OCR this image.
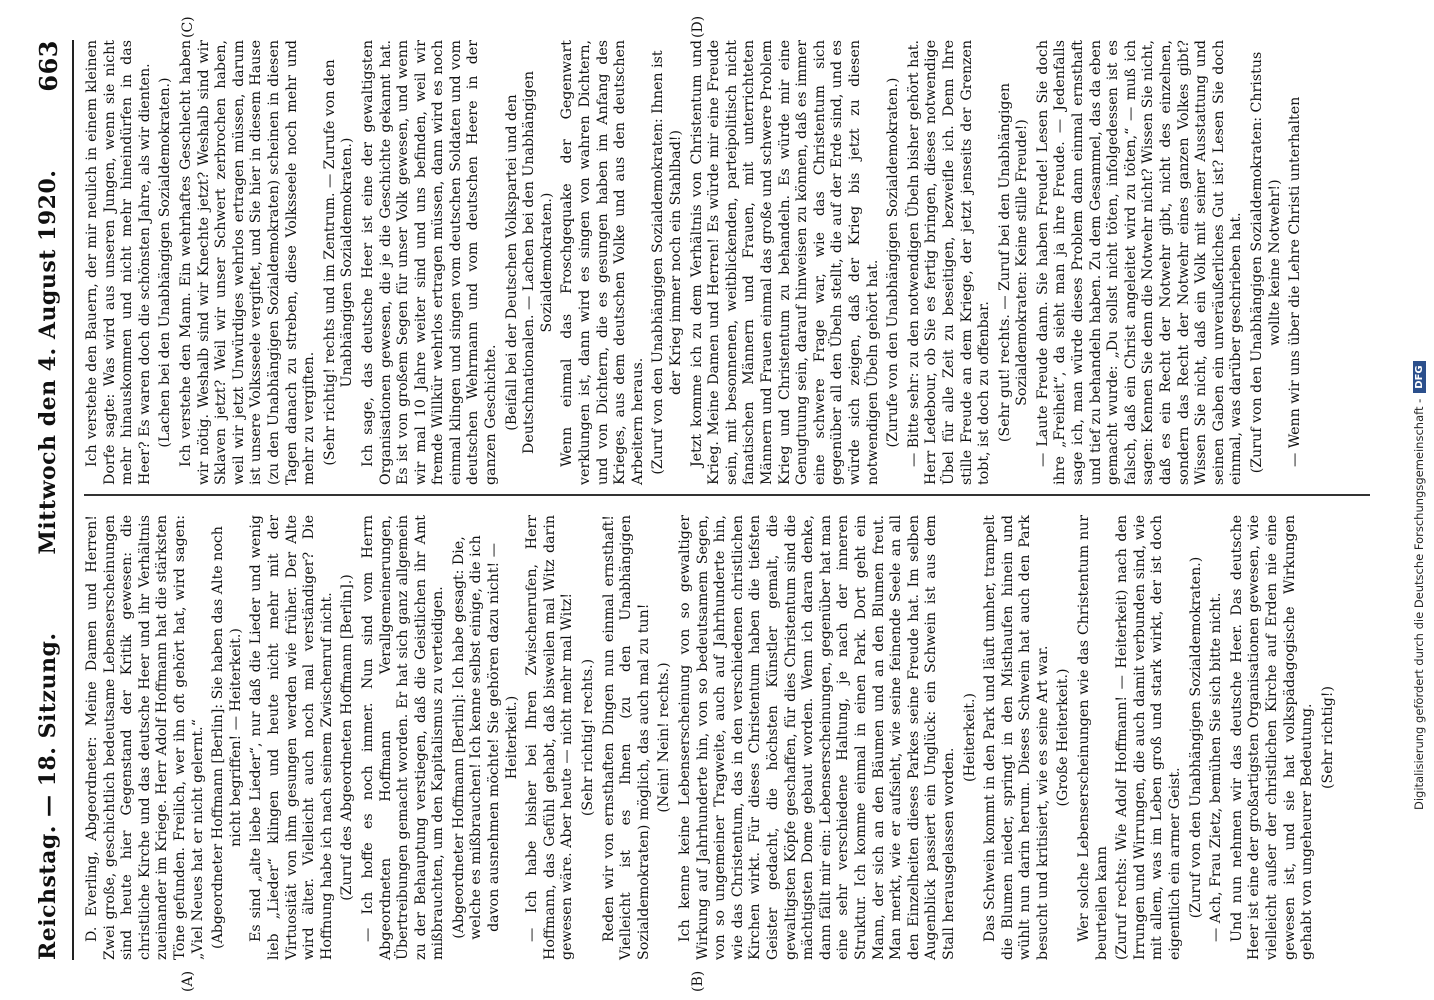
Reichstag. — 18. Sitzung.
Mittwoch den 4. August 1920.
663

D. Everling, Abgeordneter: Meine Damen und Herren! Zwei große, geschichtlich bedeutsame Lebenserscheinungen sind heute hier Gegenstand der Kritik gewesen: die christliche Kirche und das deutsche Heer und ihr Verhältnis zueinander im Kriege. Herr Adolf Hoffmann hat die stärksten Töne gefunden. Freilich, wer ihn oft gehört hat, wird sagen: „Viel Neues hat er nicht gelernt.“ (Abgeordneter Hoffmann [Berlin]: Sie haben das Alte noch nicht begriffen! — Heiterkeit.) Es sind „alte liebe Lieder“, nur daß die Lieder und wenig lieb „Lieder“ klingen und heute nicht mehr mit der Virtuosität von ihm gesungen werden wie früher. Der Alte wird älter. Vielleicht auch noch mal verständiger? Die Hoffnung habe ich nach seinem Zwischenruf nicht. (Zuruf des Abgeordneten Hoffmann [Berlin].) — Ich hoffe es noch immer. Nun sind vom Herrn Abgeordneten Hoffmann Verallgemeinerungen, Übertreibungen gemacht worden. Er hat sich ganz allgemein zu der Behauptung verstiegen, daß die Geistlichen ihr Amt mißbrauchten, um den Kapitalismus zu verteidigen. (Abgeordneter Hoffmann [Berlin]: Ich habe gesagt: Die, welche es mißbrauchen! Ich kenne selbst einige, die ich davon ausnehmen möchte! Sie gehören dazu nicht! — Heiterkeit.) — Ich habe bisher bei Ihren Zwischenrufen, Herr Hoffmann, das Gefühl gehabt, daß bisweilen mal Witz darin gewesen wäre. Aber heute — nicht mehr mal Witz! (Sehr richtig! rechts.) Reden wir von ernsthaften Dingen nun einmal ernsthaft! Vielleicht ist es Ihnen (zu den Unabhängigen Sozialdemokraten) möglich, das auch mal zu tun! (Nein! Nein! rechts.) Ich kenne keine Lebenserscheinung von so gewaltiger Wirkung auf Jahrhunderte hin, von so bedeutsamem Segen, von so ungemeiner Tragweite, auch auf Jahrhunderte hin, wie das Christentum, das in den verschiedenen christlichen Kirchen wirkt. Für dieses Christentum haben die tiefsten Geister gedacht, die höchsten Künstler gemalt, die gewaltigsten Köpfe geschaffen, für dies Christentum sind die mächtigsten Dome gebaut worden. Wenn ich daran denke, dann fällt mir ein: Lebenserscheinungen, gegenüber hat man eine sehr verschiedene Haltung, je nach der inneren Struktur. Ich komme einmal in einen Park. Dort geht ein Mann, der sich an den Bäumen und an den Blumen freut. Man merkt, wie er aufsieht, wie seine feinende Seele an all den Einzelheiten dieses Parkes seine Freude hat. Im selben Augenblick passiert ein Unglück: ein Schwein ist aus dem Stall herausgelassen worden.

(Heiterkeit.) Das Schwein kommt in den Park und läuft umher, trampelt die Blumen nieder, springt in den Misthaufen hinein und wühlt nun darin herum. Dieses Schwein hat auch den Park besucht und kritisiert, wie es seine Art war. (Große Heiterkeit.) Wer solche Lebenserscheinungen wie das Christentum nur beurteilen kann (Zuruf rechts: Wie Adolf Hoffmann! — Heiterkeit) nach den Irrungen und Wirrungen, die auch damit verbunden sind, wie mit allem, was im Leben groß und stark wirkt, der ist doch eigentlich ein armer Geist. (Zuruf von den Unabhängigen Sozialdemokraten.) — Ach, Frau Zietz, bemühen Sie sich bitte nicht. Und nun nehmen wir das deutsche Heer. Das deutsche Heer ist eine der großartigsten Organisationen gewesen, wie vielleicht außer der christlichen Kirche auf Erden nie eine gewesen ist, und sie hat volkspädagogische Wirkungen gehabt von ungeheurer Bedeutung. (Sehr richtig!)

Ich verstehe den Bauern, der mir neulich in einem kleinen Dorfe sagte: Was wird aus unseren Jungen, wenn sie nicht mehr hinauskommen und nicht mehr hineindürfen in das Heer? Es waren doch die schönsten Jahre, als wir dienten. (Lachen bei den Unabhängigen Sozialdemokraten.) Ich verstehe den Mann. Ein wehrhaftes Geschlecht haben wir nötig. Weshalb sind wir Knechte jetzt? Weshalb sind wir Sklaven jetzt? Weil wir unser Schwert zerbrochen haben, weil wir jetzt Unwürdiges wehrlos ertragen müssen, darum ist unsere Volksseele vergiftet, und Sie hier in diesem Hause (zu den Unabhängigen Sozialdemokraten) scheinen in diesen Tagen danach zu streben, diese Volksseele noch mehr und mehr zu vergiften. (Sehr richtig! rechts und im Zentrum. — Zurufe von den Unabhängigen Sozialdemokraten.) Ich sage, das deutsche Heer ist eine der gewaltigsten Organisationen gewesen, die je die Geschichte gekannt hat. Es ist von großem Segen für unser Volk gewesen, und wenn wir mal 10 Jahre weiter sind und uns befinden, weil wir fremde Willkür wehrlos ertragen müssen, dann wird es noch einmal klingen und singen vom deutschen Soldaten und vom deutschen Wehrmann und vom deutschen Heere in der ganzen Geschichte. (Beifall bei der Deutschen Volkspartei und den Deutschnationalen. — Lachen bei den Unabhängigen Sozialdemokraten.) Wenn einmal das Froschgequake der Gegenwart verklungen ist, dann wird es singen von wahren Dichtern, und von Dichtern, die es gesungen haben im Anfang des Krieges, aus dem deutschen Volke und aus den deutschen Arbeitern heraus. (Zuruf von den Unabhängigen Sozialdemokraten: Ihnen ist der Krieg immer noch ein Stahlbad!) Jetzt komme ich zu dem Verhältnis von Christentum und Krieg. Meine Damen und Herren! Es würde mir eine Freude sein, mit besonnenen, weitblickenden, parteipolitisch nicht fanatischen Männern und Frauen, mit unterrichteten Männern und Frauen einmal das große und schwere Problem Krieg und Christentum zu behandeln. Es würde mir eine Genugtuung sein, darauf hinweisen zu können, daß es immer eine schwere Frage war, wie das Christentum sich gegenüber all den Übeln stellt, die auf der Erde sind, und es würde sich zeigen, daß der Krieg bis jetzt zu diesen notwendigen Übeln gehört hat. (Zurufe von den Unabhängigen Sozialdemokraten.) — Bitte sehr: zu den notwendigen Übeln bisher gehört hat. Herr Ledebour, ob Sie es fertig bringen, dieses notwendige Übel für alle Zeit zu beseitigen, bezweifle ich. Denn Ihre stille Freude an dem Kriege, der jetzt jenseits der Grenzen tobt, ist doch zu offenbar. (Sehr gut! rechts. — Zuruf bei den Unabhängigen Sozialdemokraten: Keine stille Freude!) — Laute Freude dann. Sie haben Freude! Lesen Sie doch ihre „Freiheit“, da sieht man ja ihre Freude. — Jedenfalls sage ich, man würde dieses Problem dann einmal ernsthaft und tief zu behandeln haben. Zu dem Gesammel, das da eben gemacht wurde: „Du sollst nicht töten, infolgedessen ist es falsch, daß ein Christ angeleitet wird zu töten,“ — muß ich sagen: Kennen Sie denn die Notwehr nicht? Wissen Sie nicht, daß es ein Recht der Notwehr gibt, nicht des einzelnen, sondern das Recht der Notwehr eines ganzen Volkes gibt? Wissen Sie nicht, daß ein Volk mit seiner Ausstattung und seinen Gaben ein unveräußerliches Gut ist? Lesen Sie doch einmal, was darüber geschrieben hat. (Zuruf von den Unabhängigen Sozialdemokraten: Christus wollte keine Notwehr!) — Wenn wir uns über die Lehre Christi unterhalten

(A)	(B)
(C)	(D)
Digitalisierung gefördert durch die Deutsche Forschungsgemeinschaft -
DFG
